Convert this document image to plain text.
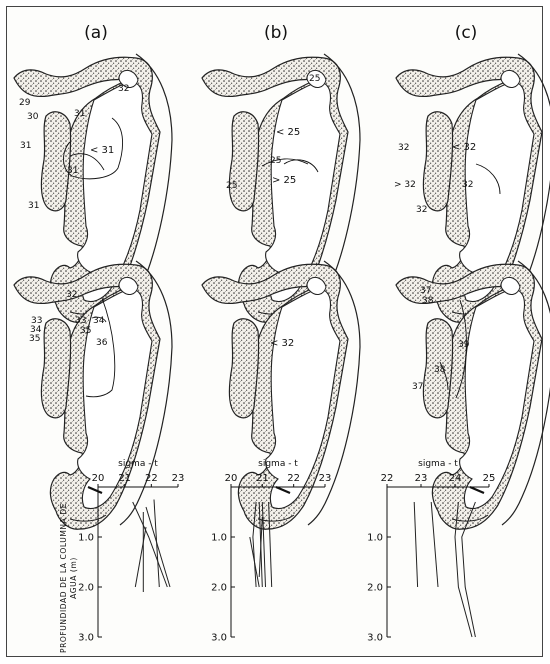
(a)	(b)	(c)
29
30	31
32
31	< 31
31
31
25
< 25
25
> 25
25
32	< 32
> 32	32
32
32
33
34
35
33 34
35
36	< 32
37
38
39
38
37
PROFUNDIDAD DE LA COLUMNA DE AGUA (m)
sigma - t
20 21 22 23
1.0
2.0
3.0
sigma - t
20 21 22 23
1.0
2.0
3.0
sigma - t
22 23 24 25
1.0
2.0
3.0
